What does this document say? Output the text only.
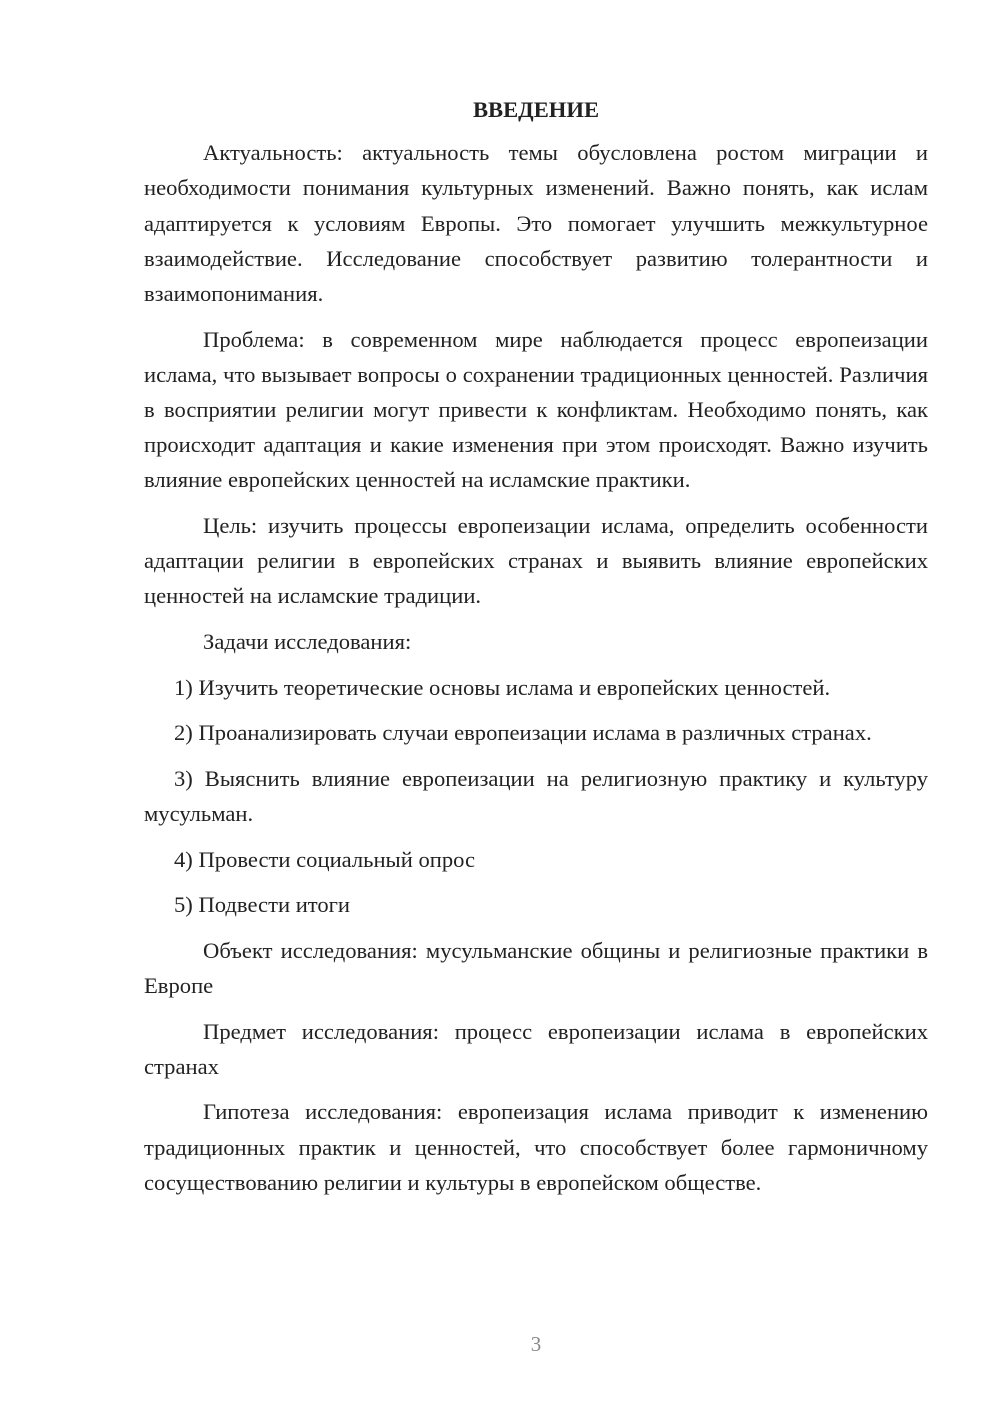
ВВЕДЕНИЕ

Актуальность: актуальность темы обусловлена ростом миграции и необходимости понимания культурных изменений. Важно понять, как ислам адаптируется к условиям Европы. Это помогает улучшить межкультурное взаимодействие. Исследование способствует развитию толерантности и взаимопонимания.

Проблема: в современном мире наблюдается процесс европеизации ислама, что вызывает вопросы о сохранении традиционных ценностей. Различия в восприятии религии могут привести к конфликтам. Необходимо понять, как происходит адаптация и какие изменения при этом происходят. Важно изучить влияние европейских ценностей на исламские практики.

Цель: изучить процессы европеизации ислама, определить особенности адаптации религии в европейских странах и выявить влияние европейских ценностей на исламские традиции.

Задачи исследования:

1) Изучить теоретические основы ислама и европейских ценностей.

2) Проанализировать случаи европеизации ислама в различных странах.

3) Выяснить влияние европеизации на религиозную практику и культуру мусульман.

4) Провести социальный опрос

5) Подвести итоги

Объект исследования: мусульманские общины и религиозные практики в Европе

Предмет исследования: процесс европеизации ислама в европейских странах

Гипотеза исследования: европеизация ислама приводит к изменению традиционных практик и ценностей, что способствует более гармоничному сосуществованию религии и культуры в европейском обществе.

3
